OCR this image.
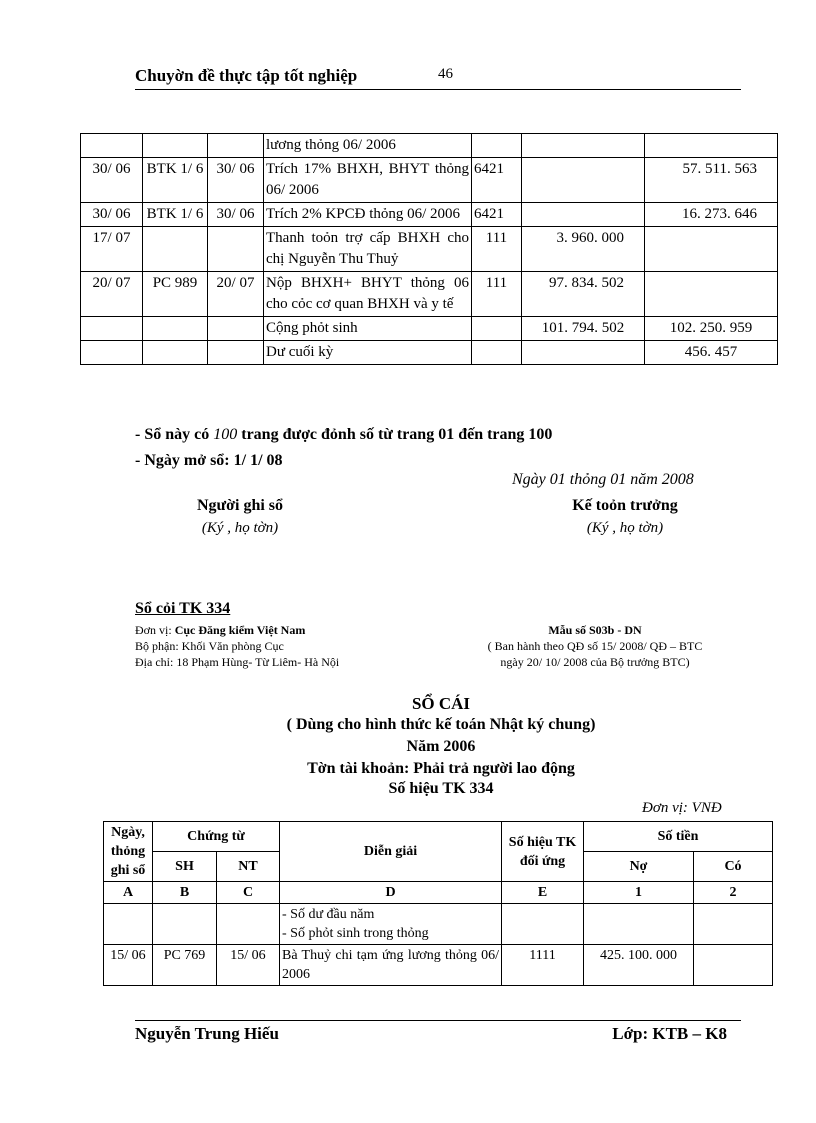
Chuyờn đề thực tập tốt nghiệp	46
			lương thỏng 06/ 2006			
30/ 06	BTK 1/ 6	30/ 06	Trích 17% BHXH, BHYT thỏng 06/ 2006	6421		57. 511. 563
30/ 06	BTK 1/ 6	30/ 06	Trích 2% KPCĐ thỏng 06/ 2006	6421		16. 273. 646
17/ 07			Thanh toỏn trợ cấp BHXH cho chị Nguyễn Thu Thuỷ	111	3. 960. 000	
20/ 07	PC 989	20/ 07	Nộp BHXH+ BHYT thỏng 06 cho cỏc cơ quan BHXH và y tế	111	97. 834. 502	
			Cộng phỏt sinh		101. 794. 502	102. 250. 959
			Dư cuối kỳ			456. 457
- Sổ này có 100 trang được đỏnh số từ trang 01 đến trang 100
- Ngày mở sổ: 1/ 1/ 08
Ngày 01 thỏng 01 năm 2008
Người ghi sổ
(Ký , họ tờn)
Kế toỏn trưởng
(Ký , họ tờn)
Sổ cỏi TK 334
Đơn vị: Cục Đăng kiểm Việt Nam
Bộ phận: Khối Văn phòng Cục
Địa chỉ: 18 Phạm Hùng- Từ Liêm- Hà Nội
Mẫu số S03b - DN
( Ban hành theo QĐ số 15/ 2008/ QĐ – BTC
ngày 20/ 10/ 2008 của Bộ trưởng BTC)
SỔ CÁI
( Dùng cho hình thức kế toán Nhật ký chung)
Năm 2006
Tờn tài khoản: Phải trả người lao động
Số hiệu TK 334
Đơn vị: VNĐ
Ngày, thỏng ghi sổ	Chứng từ		Diễn giải	Số hiệu TK đối ứng	Số tiền	
	SH	NT			Nợ	Có
A	B	C	D	E	1	2

			- Số dư đầu năm
- Số phỏt sinh trong thỏng			

15/ 06	PC 769	15/ 06	Bà Thuỷ chi tạm ứng lương thỏng 06/ 2006	1111	425. 100. 000	
Nguyễn Trung Hiếu	Lớp: KTB – K8
